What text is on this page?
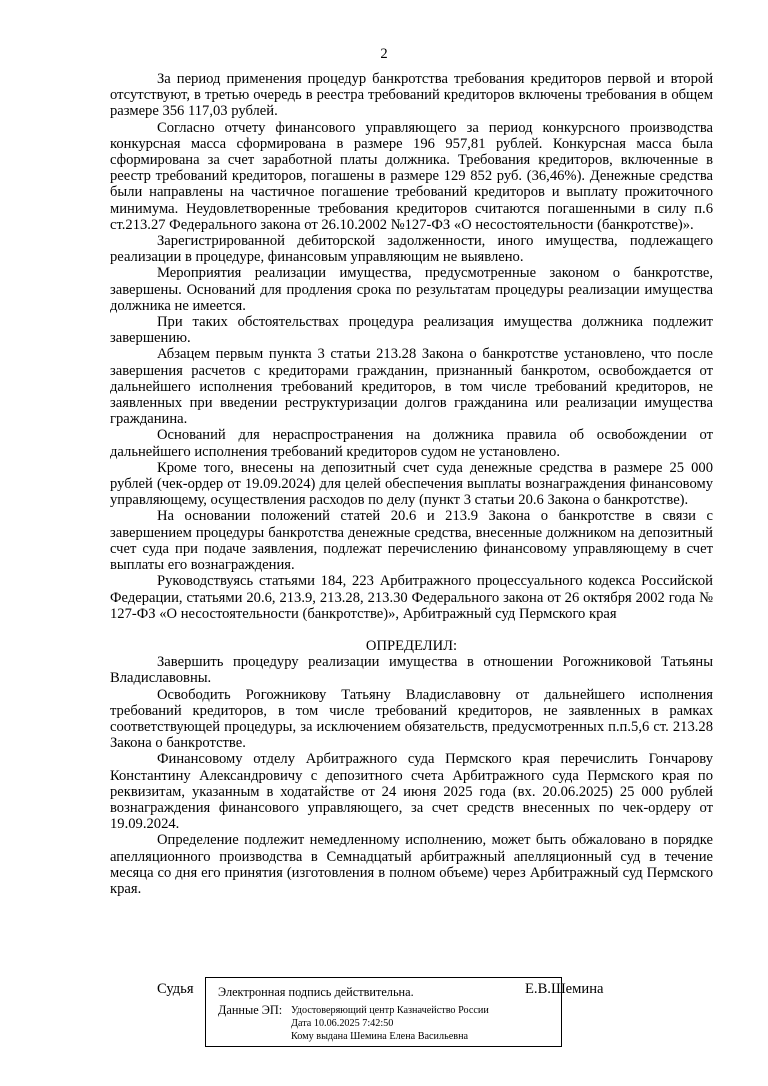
2

За период применения процедур банкротства требования кредиторов первой и второй отсутствуют, в третью очередь в реестра требований кредиторов включены требования в общем размере 356 117,03 рублей.

Согласно отчету финансового управляющего за период конкурсного производства конкурсная масса сформирована в размере 196 957,81 рублей. Конкурсная масса была сформирована за счет заработной платы должника. Требования кредиторов, включенные в реестр требований кредиторов, погашены в размере 129 852 руб. (36,46%). Денежные средства были направлены на частичное погашение требований кредиторов и выплату прожиточного минимума. Неудовлетворенные требования кредиторов считаются погашенными в силу п.6 ст.213.27 Федерального закона от 26.10.2002 №127-ФЗ «О несостоятельности (банкротстве)».

Зарегистрированной дебиторской задолженности, иного имущества, подлежащего реализации в процедуре, финансовым управляющим не выявлено.

Мероприятия реализации имущества, предусмотренные законом о банкротстве, завершены. Оснований для продления срока по результатам процедуры реализации имущества должника не имеется.

При таких обстоятельствах процедура реализация имущества должника подлежит завершению.

Абзацем первым пункта 3 статьи 213.28 Закона о банкротстве установлено, что после завершения расчетов с кредиторами гражданин, признанный банкротом, освобождается от дальнейшего исполнения требований кредиторов, в том числе требований кредиторов, не заявленных при введении реструктуризации долгов гражданина или реализации имущества гражданина.

Оснований для нераспространения на должника правила об освобождении от дальнейшего исполнения требований кредиторов судом не установлено.

Кроме того, внесены на депозитный счет суда денежные средства в размере 25 000 рублей (чек-ордер от 19.09.2024) для целей обеспечения выплаты вознаграждения финансовому управляющему, осуществления расходов по делу (пункт 3 статьи 20.6 Закона о банкротстве).

На основании положений статей 20.6 и 213.9 Закона о банкротстве в связи с завершением процедуры банкротства денежные средства, внесенные должником на депозитный счет суда при подаче заявления, подлежат перечислению финансовому управляющему в счет выплаты его вознаграждения.

Руководствуясь статьями 184, 223 Арбитражного процессуального кодекса Российской Федерации, статьями 20.6, 213.9, 213.28, 213.30 Федерального закона от 26 октября 2002 года № 127-ФЗ «О несостоятельности (банкротстве)», Арбитражный суд Пермского края

ОПРЕДЕЛИЛ:

Завершить процедуру реализации имущества в отношении Рогожниковой Татьяны Владиславовны.

Освободить Рогожникову Татьяну Владиславовну от дальнейшего исполнения требований кредиторов, в том числе требований кредиторов, не заявленных в рамках соответствующей процедуры, за исключением обязательств, предусмотренных п.п.5,6 ст. 213.28 Закона о банкротстве.

Финансовому отделу Арбитражного суда Пермского края перечислить Гончарову Константину Александровичу с депозитного счета Арбитражного суда Пермского края по реквизитам, указанным в ходатайстве от 24 июня 2025 года (вх. 20.06.2025) 25 000 рублей вознаграждения финансового управляющего, за счет средств внесенных по чек-ордеру от 19.09.2024.

Определение подлежит немедленному исполнению, может быть обжаловано в порядке апелляционного производства в Семнадцатый арбитражный апелляционный суд в течение месяца со дня его принятия (изготовления в полном объеме) через Арбитражный суд Пермского края.

Судья Электронная подпись действительна.
Данные ЭП: Удостоверяющий центр Казначейство России
Дата 10.06.2025 7:42:50
Кому выдана Шемина Елена Васильевна
Е.В.Шемина
